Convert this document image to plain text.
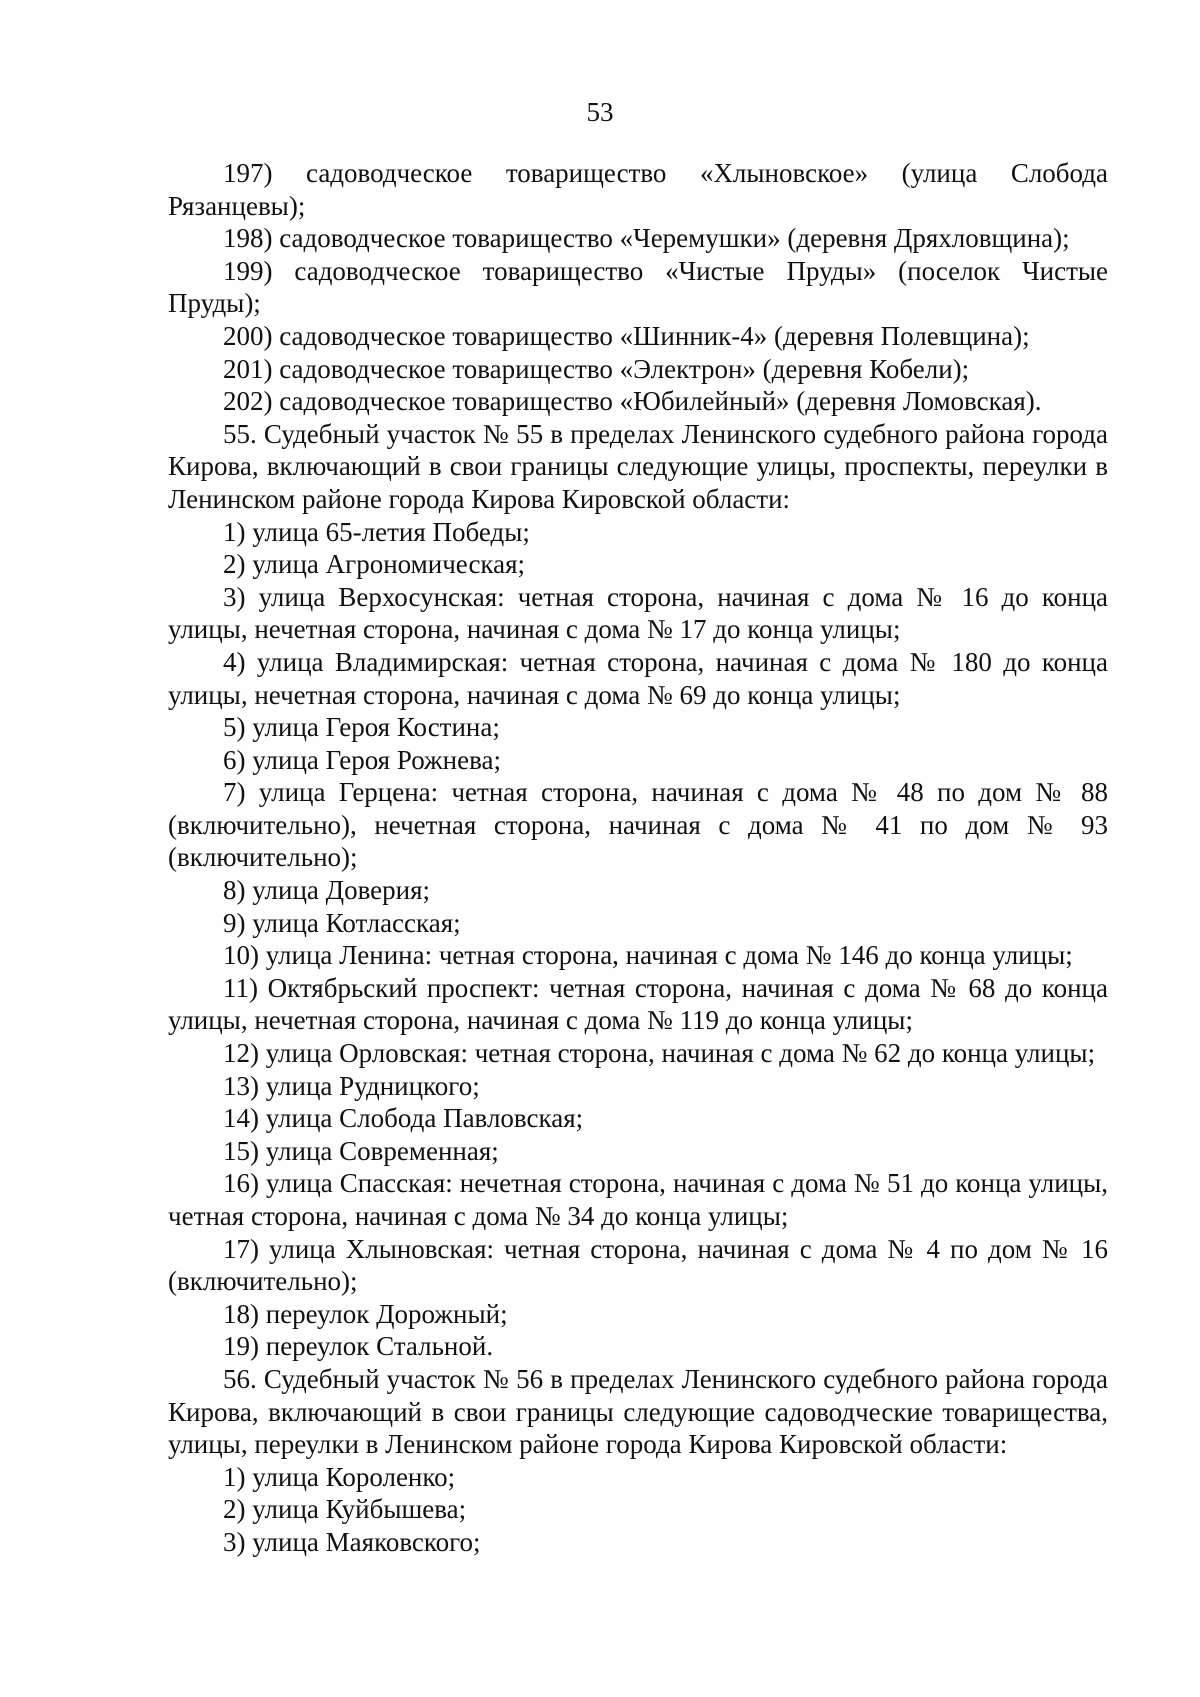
53

197) садоводческое товарищество «Хлыновское» (улица Слобода Рязанцевы);

198) садоводческое товарищество «Черемушки» (деревня Дряхловщина);

199) садоводческое товарищество «Чистые Пруды» (поселок Чистые Пруды);

200) садоводческое товарищество «Шинник-4» (деревня Полевщина);

201) садоводческое товарищество «Электрон» (деревня Кобели);

202) садоводческое товарищество «Юбилейный» (деревня Ломовская).

55. Судебный участок № 55 в пределах Ленинского судебного района города Кирова, включающий в свои границы следующие улицы, проспекты, переулки в Ленинском районе города Кирова Кировской области:

1) улица 65-летия Победы;

2) улица Агрономическая;

3) улица Верхосунская: четная сторона, начиная с дома № 16 до конца улицы, нечетная сторона, начиная с дома № 17 до конца улицы;

4) улица Владимирская: четная сторона, начиная с дома № 180 до конца улицы, нечетная сторона, начиная с дома № 69 до конца улицы;

5) улица Героя Костина;

6) улица Героя Рожнева;

7) улица Герцена: четная сторона, начиная с дома № 48 по дом № 88 (включительно), нечетная сторона, начиная с дома № 41 по дом № 93 (включительно);

8) улица Доверия;

9) улица Котласская;

10) улица Ленина: четная сторона, начиная с дома № 146 до конца улицы;

11) Октябрьский проспект: четная сторона, начиная с дома № 68 до конца улицы, нечетная сторона, начиная с дома № 119 до конца улицы;

12) улица Орловская: четная сторона, начиная с дома № 62 до конца улицы;

13) улица Рудницкого;

14) улица Слобода Павловская;

15) улица Современная;

16) улица Спасская: нечетная сторона, начиная с дома № 51 до конца улицы, четная сторона, начиная с дома № 34 до конца улицы;

17) улица Хлыновская: четная сторона, начиная с дома № 4 по дом № 16 (включительно);

18) переулок Дорожный;

19) переулок Стальной.

56. Судебный участок № 56 в пределах Ленинского судебного района города Кирова, включающий в свои границы следующие садоводческие товарищества, улицы, переулки в Ленинском районе города Кирова Кировской области:

1) улица Короленко;

2) улица Куйбышева;

3) улица Маяковского;
